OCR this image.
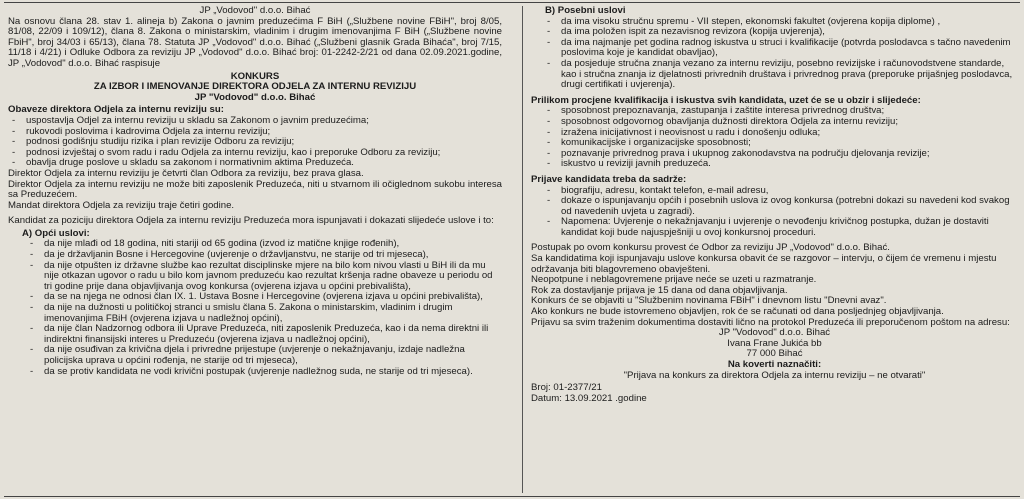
JP „Vodovod" d.o.o. Bihać

Na osnovu člana 28. stav 1. alineja b) Zakona o javnim preduzećima F BiH („Službene novine FBiH", broj 8/05, 81/08, 22/09 i 109/12), člana 8. Zakona o ministarskim, vladinim i drugim imenovanjima F BiH („Službene novine FbiH", broj 34/03 i 65/13), člana 78. Statuta JP „Vodovod" d.o.o. Bihać („Službeni glasnik Grada Bihaća", broj 7/15, 11/18 i 4/21) i Odluke Odbora za reviziju JP „Vodovod" d.o.o. Bihać broj: 01-2242-2/21 od dana 02.09.2021.godine, JP „Vodovod" d.o.o. Bihać raspisuje

KONKURS

ZA IZBOR I IMENOVANJE DIREKTORA ODJELA ZA INTERNU REVIZIJU

JP "Vodovod" d.o.o. Bihać

Obaveze direktora Odjela za internu reviziju su:

- uspostavlja Odjel za internu reviziju u skladu sa Zakonom o javnim preduzećima;
- rukovodi poslovima i kadrovima Odjela za internu reviziju;
- podnosi godišnju studiju rizika i plan revizije Odboru za reviziju;
- podnosi izvještaj o svom radu i radu Odjela za internu reviziju, kao i preporuke Odboru za reviziju;
- obavlja druge poslove u skladu sa zakonom i normativnim aktima Preduzeća.

Direktor Odjela za internu reviziju je četvrti član Odbora za reviziju, bez prava glasa.

Direktor Odjela za internu reviziju ne može biti zaposlenik Preduzeća, niti u stvarnom ili očiglednom sukobu interesa sa Preduzećem.

Mandat direktora Odjela za reviziju traje četiri godine.

Kandidat za poziciju direktora Odjela za internu reviziju Preduzeća mora ispunjavati i dokazati slijedeće uslove i to:

A) Opći uslovi:

- da nije mlađi od 18 godina, niti stariji od 65 godina (izvod iz matične knjige rođenih),
- da je državljanin Bosne i Hercegovine (uvjerenje o državljanstvu, ne starije od tri mjeseca),
- da nije otpušten iz državne službe kao rezultat disciplinske mjere na bilo kom nivou vlasti u BiH ili da mu nije otkazan ugovor o radu u bilo kom javnom preduzeću kao rezultat kršenja radne obaveze u periodu od tri godine prije dana objavljivanja ovog konkursa (ovjerena izjava u općini prebivališta),
- da se na njega ne odnosi član IX. 1. Ustava Bosne i Hercegovine (ovjerena izjava u općini prebivališta),
- da nije na dužnosti u političkoj stranci u smislu člana 5. Zakona o ministarskim, vladinim i drugim imenovanjima FBiH (ovjerena izjava u nadležnoj općini),
- da nije član Nadzornog odbora ili Uprave Preduzeća, niti zaposlenik Preduzeća, kao i da nema direktni ili indirektni finansijski interes u Preduzeću (ovjerena izjava u nadležnoj općini),
- da nije osuđivan za krivična djela i privredne prijestupe (uvjerenje o nekažnjavanju, izdaje nadležna policijska uprava u općini rođenja, ne starije od tri mjeseca),
- da se protiv kandidata ne vodi krivični postupak (uvjerenje nadležnog suda, ne starije od tri mjeseca).

B) Posebni uslovi

- da ima visoku stručnu spremu - VII stepen, ekonomski fakultet (ovjerena kopija diplome) ,
- da ima položen ispit za nezavisnog revizora (kopija uvjerenja),
- da ima najmanje pet godina radnog iskustva u struci i kvalifikacije (potvrda poslodavca s tačno navedenim poslovima koje je kandidat obavljao),
- da posjeduje stručna znanja vezano za internu reviziju, posebno revizijske i računovodstvene standarde, kao i stručna znanja iz djelatnosti privrednih društava i privrednog prava (preporuke prijašnjeg poslodavca, drugi certifikati i uvjerenja).

Prilikom procjene kvalifikacija i iskustva svih kandidata, uzet će se u obzir i slijedeće:

- sposobnost prepoznavanja, zastupanja i zaštite interesa privrednog društva;
- sposobnost odgovornog obavljanja dužnosti direktora Odjela za internu reviziju;
- izražena inicijativnost i neovisnost u radu i donošenju odluka;
- komunikacijske i organizacijske sposobnosti;
- poznavanje privrednog prava i ukupnog zakonodavstva na području djelovanja revizije;
- iskustvo u reviziji javnih preduzeća.

Prijave kandidata treba da sadrže:

- biografiju, adresu, kontakt telefon, e-mail adresu,
- dokaze o ispunjavanju općih i posebnih uslova iz ovog konkursa (potrebni dokazi su navedeni kod svakog od navedenih uvjeta u zagradi).
- Napomena: Uvjerenje o nekažnjavanju i uvjerenje o nevođenju krivičnog postupka, dužan je dostaviti kandidat koji bude najuspješniji u ovoj konkursnoj proceduri.

Postupak po ovom konkursu provest će Odbor za reviziju JP „Vodovod" d.o.o. Bihać.

Sa kandidatima koji ispunjavaju uslove konkursa obavit će se razgovor – intervju, o čijem će vremenu i mjestu održavanja biti blagovremeno obavješteni.

Neopotpune i neblagovremene prijave neće se uzeti u razmatranje.

Rok za dostavljanje prijava je 15 dana od dana objavljivanja.

Konkurs će se objaviti u "Službenim novinama FBiH" i dnevnom listu "Dnevni avaz".

Ako konkurs ne bude istovremeno objavljen, rok će se računati od dana posljednjeg objavljivanja.

Prijavu sa svim traženim dokumentima dostaviti lično na protokol Preduzeća ili preporučenom poštom na adresu:

JP "Vodovod" d.o.o. Bihać

Ivana Frane Jukića bb

77 000 Bihać

Na koverti naznačiti:

"Prijava na konkurs za direktora Odjela za internu reviziju – ne otvarati"

Broj: 01-2377/21

Datum: 13.09.2021 .godine
